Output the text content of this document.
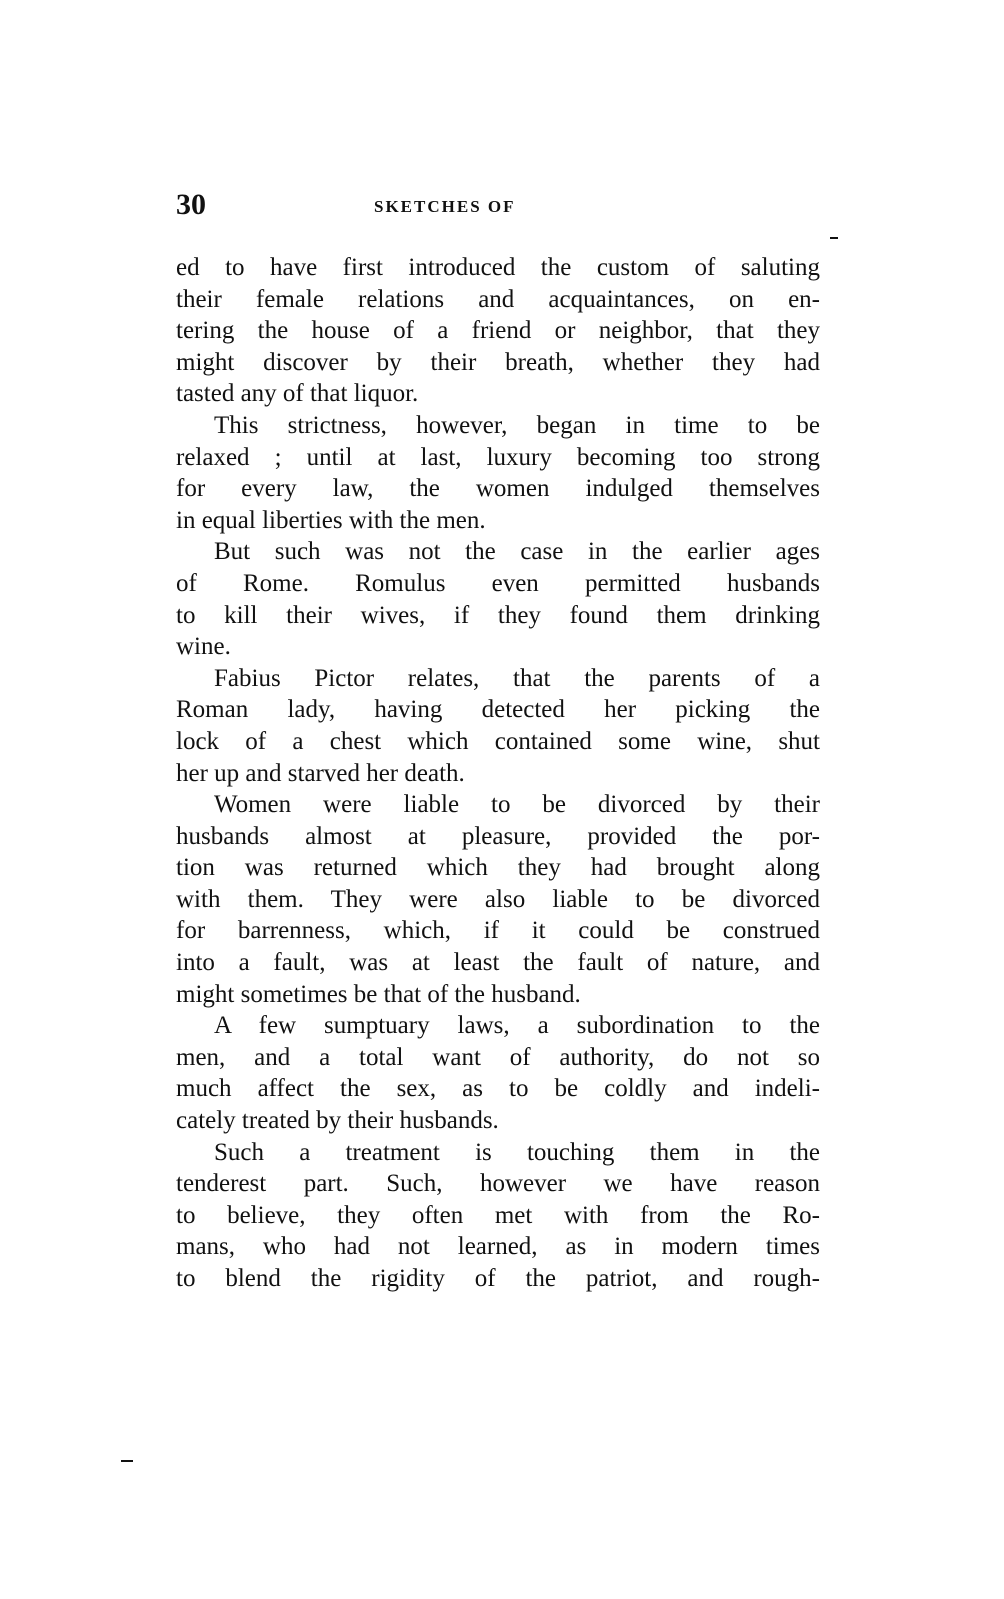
30	SKETCHES OF
ed to have first introduced the custom of saluting
their female relations and acquaintances, on en-
tering the house of a friend or neighbor, that they
might discover by their breath, whether they had
tasted any of that liquor.
This strictness, however, began in time to be
relaxed ; until at last, luxury becoming too strong
for every law, the women indulged themselves
in equal liberties with the men.
But such was not the case in the earlier ages
of Rome. Romulus even permitted husbands
to kill their wives, if they found them drinking
wine.
Fabius Pictor relates, that the parents of a
Roman lady, having detected her picking the
lock of a chest which contained some wine, shut
her up and starved her death.
Women were liable to be divorced by their
husbands almost at pleasure, provided the por-
tion was returned which they had brought along
with them. They were also liable to be divorced
for barrenness, which, if it could be construed
into a fault, was at least the fault of nature, and
might sometimes be that of the husband.
A few sumptuary laws, a subordination to the
men, and a total want of authority, do not so
much affect the sex, as to be coldly and indeli-
cately treated by their husbands.
Such a treatment is touching them in the
tenderest part. Such, however we have reason
to believe, they often met with from the Ro-
mans, who had not learned, as in modern times
to blend the rigidity of the patriot, and rough-
